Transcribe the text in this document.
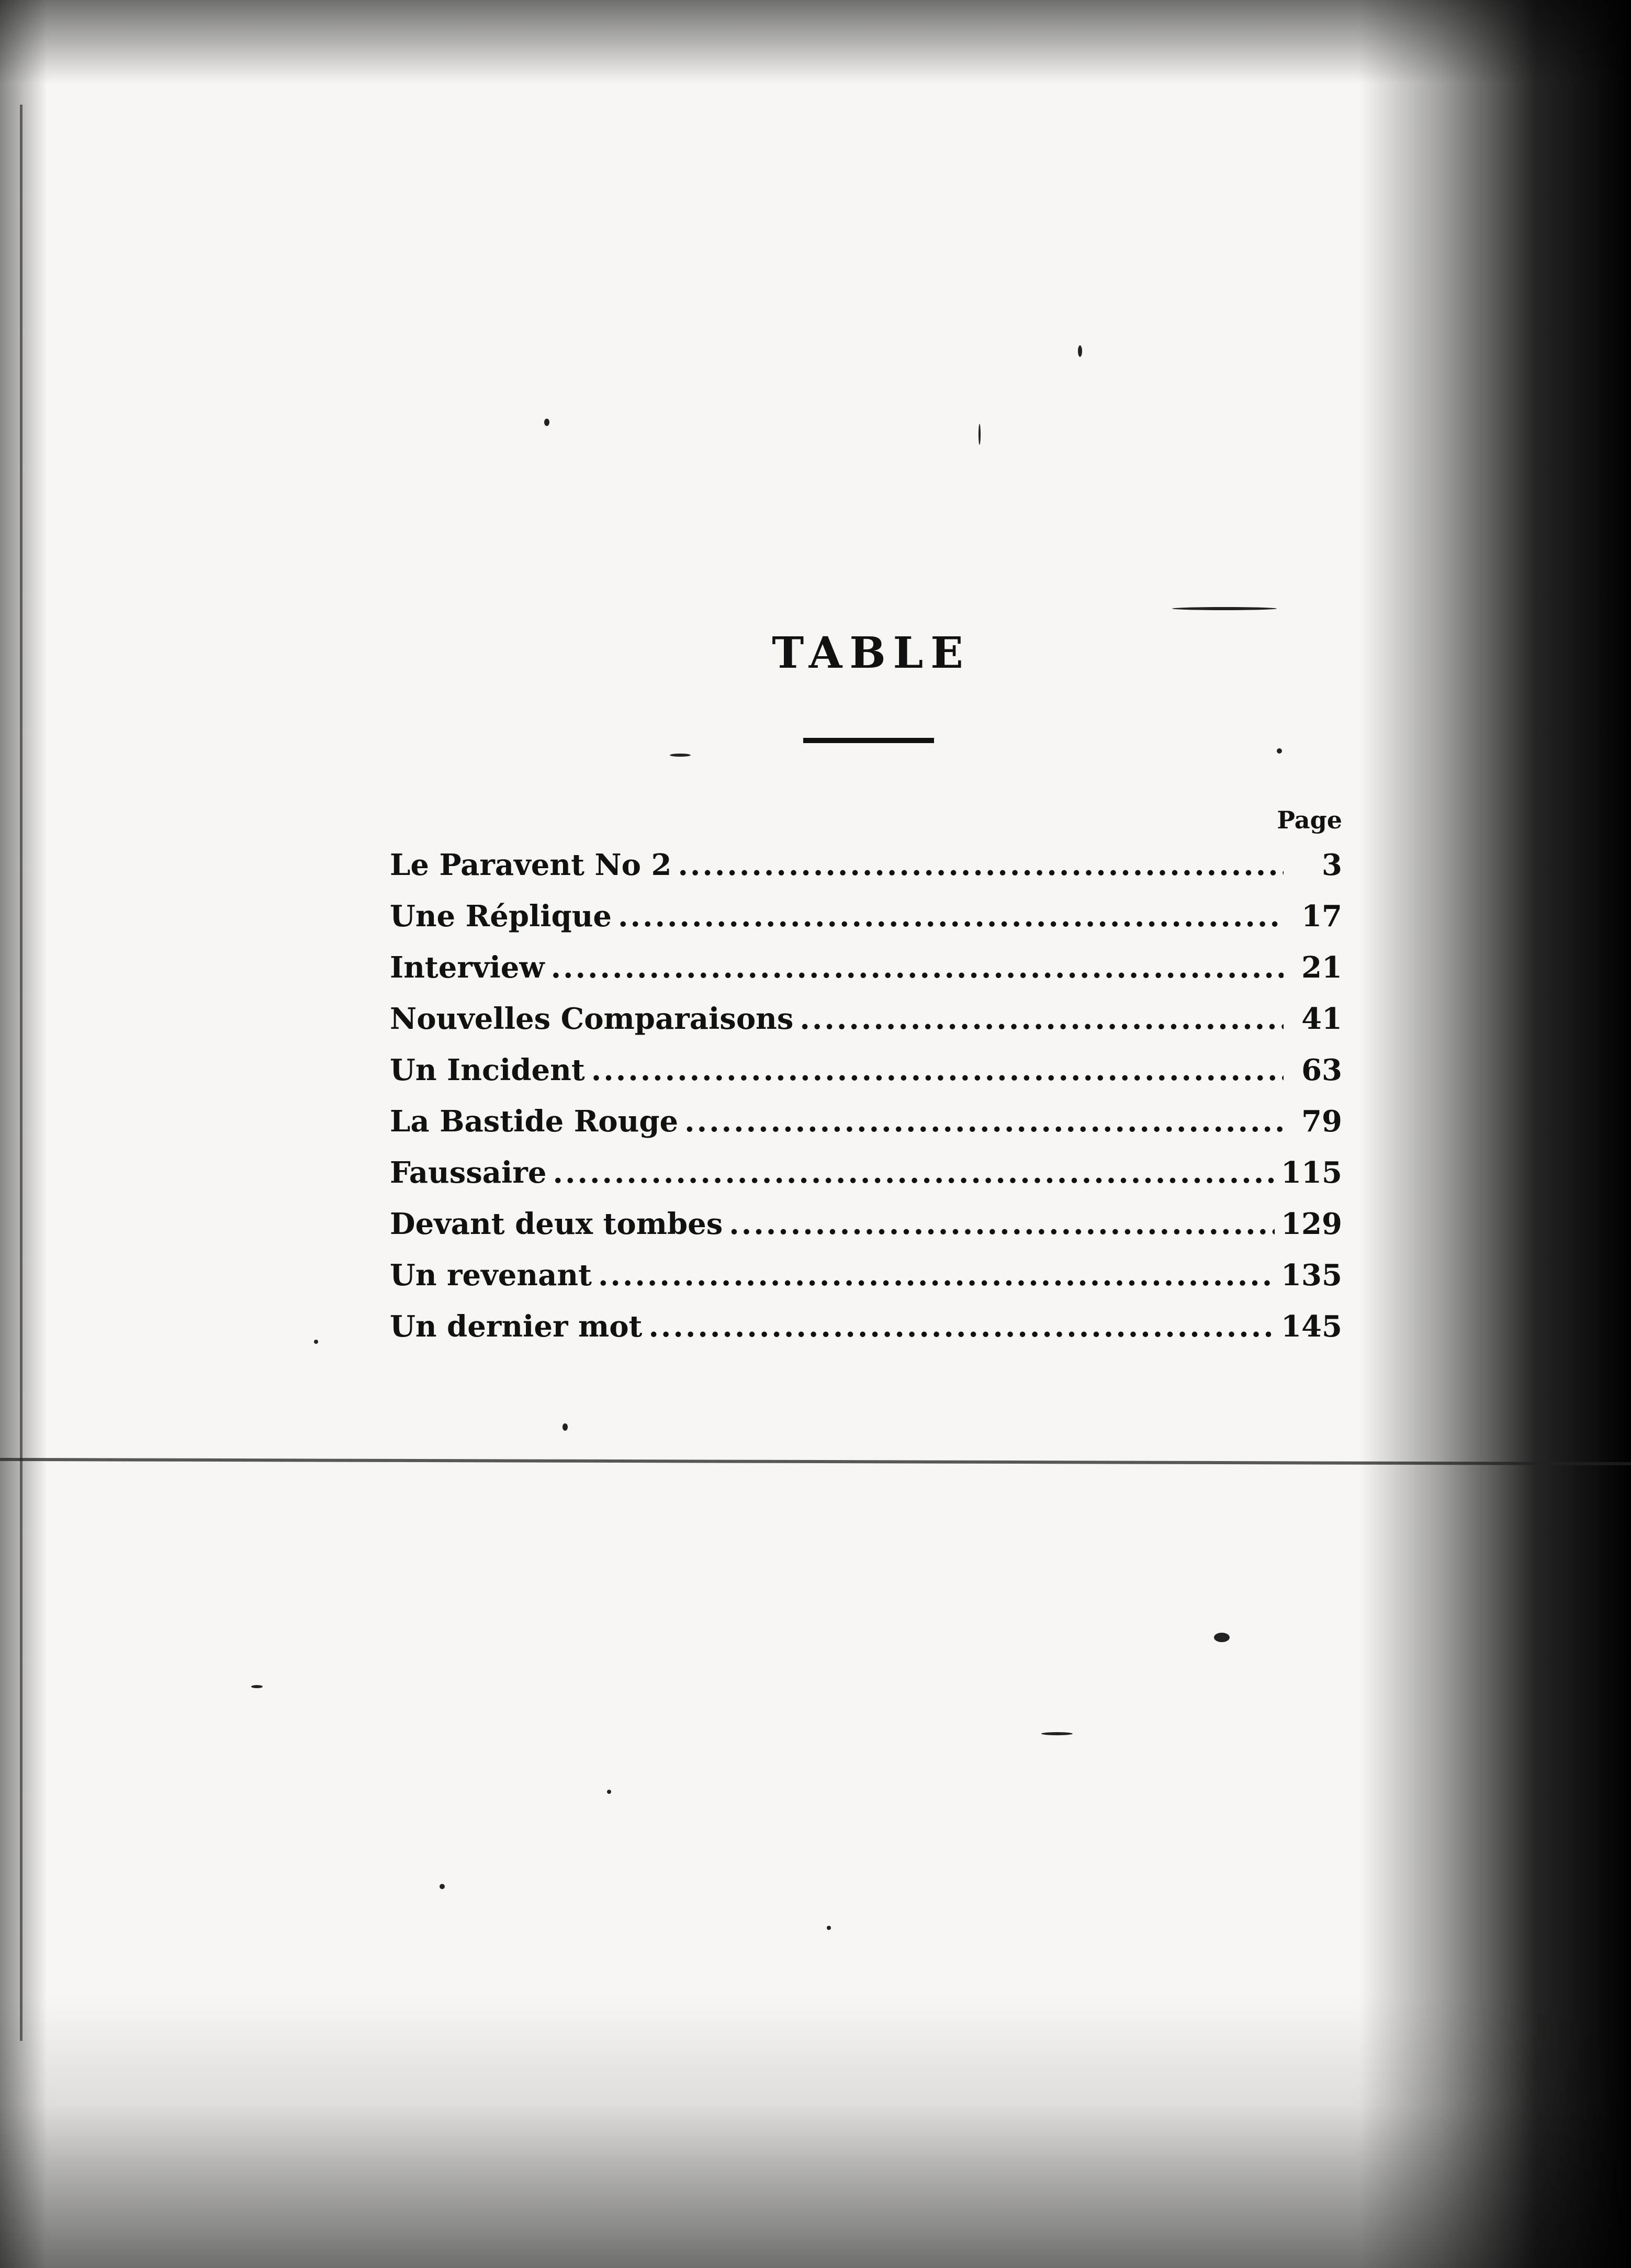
TABLE
Page
Le Paravent No 2 .....	3
Une Réplique .....	17
Interview .....	21
Nouvelles Comparaisons .....	41
Un Incident .....	63
La Bastide Rouge .....	79
Faussaire .....	115
Devant deux tombes .....	129
Un revenant .....	135
Un dernier mot .....	145
